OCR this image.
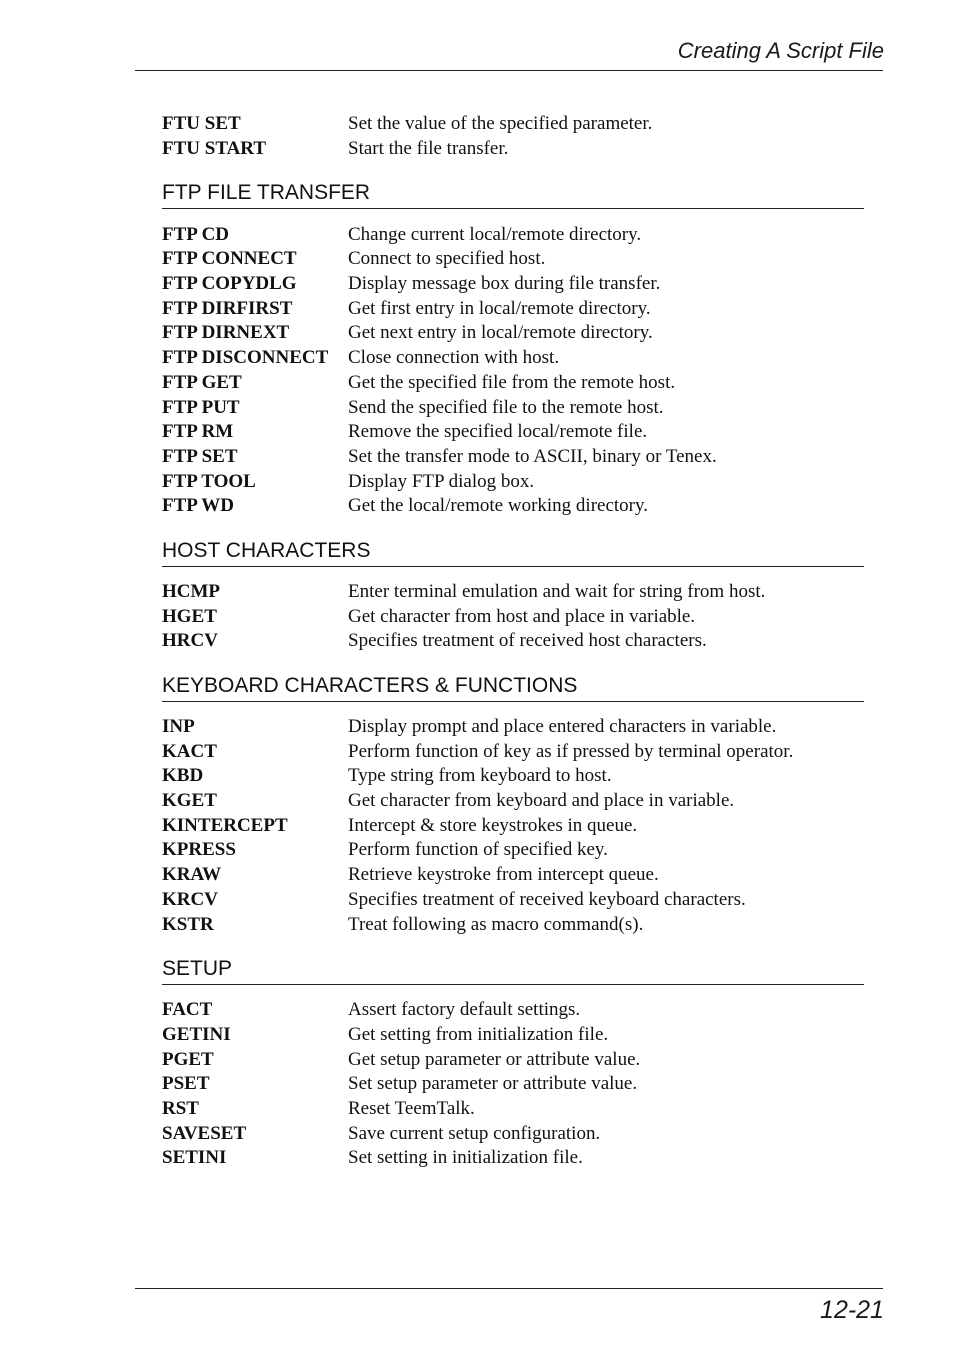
Creating A Script File
FTU SET	Set the value of the specified parameter.
FTU START	Start the file transfer.
FTP FILE TRANSFER
FTP CD	Change current local/remote directory.
FTP CONNECT	Connect to specified host.
FTP COPYDLG	Display message box during file transfer.
FTP DIRFIRST	Get first entry in local/remote directory.
FTP DIRNEXT	Get next entry in local/remote directory.
FTP DISCONNECT	Close connection with host.
FTP GET	Get the specified file from the remote host.
FTP PUT	Send the specified file to the remote host.
FTP RM	Remove the specified local/remote file.
FTP SET	Set the transfer mode to ASCII, binary or Tenex.
FTP TOOL	Display FTP dialog box.
FTP WD	Get the local/remote working directory.
HOST CHARACTERS
HCMP	Enter terminal emulation and wait for string from host.
HGET	Get character from host and place in variable.
HRCV	Specifies treatment of received host characters.
KEYBOARD CHARACTERS & FUNCTIONS
INP	Display prompt and place entered characters in variable.
KACT	Perform function of key as if pressed by terminal operator.
KBD	Type string from keyboard to host.
KGET	Get character from keyboard and place in variable.
KINTERCEPT	Intercept & store keystrokes in queue.
KPRESS	Perform function of specified key.
KRAW	Retrieve keystroke from intercept queue.
KRCV	Specifies treatment of received keyboard characters.
KSTR	Treat following as macro command(s).
SETUP
FACT	Assert factory default settings.
GETINI	Get setting from initialization file.
PGET	Get setup parameter or attribute value.
PSET	Set setup parameter or attribute value.
RST	Reset TeemTalk.
SAVESET	Save current setup configuration.
SETINI	Set setting in initialization file.
12-21
